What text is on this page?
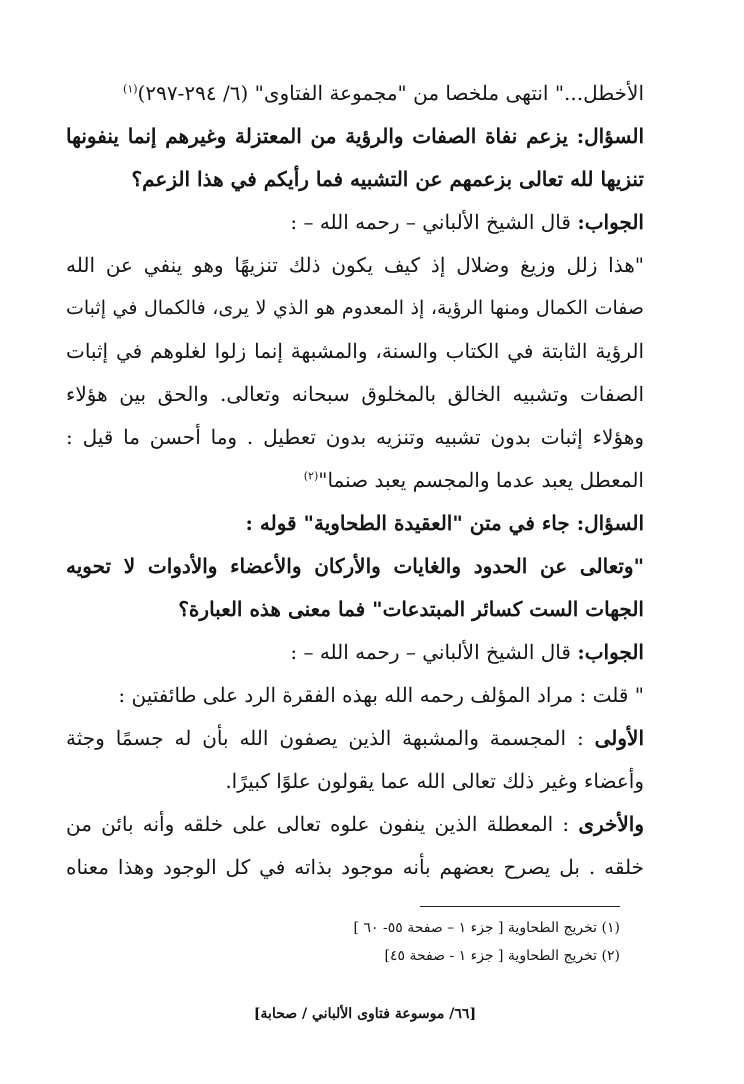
الأخطل..." انتهى ملخصا من "مجموعة الفتاوى" (٦/ ٢٩٤-٢٩٧)$^{(١)}$
السؤال: يزعم نفاة الصفات والرؤية من المعتزلة وغيرهم إنما ينفونها
تنزيها لله تعالى بزعمهم عن التشبيه فما رأيكم في هذا الزعم؟
الجواب: قال الشيخ الألباني – رحمه الله – :
"هذا زلل وزيغ وضلال إذ كيف يكون ذلك تنزيهًا وهو ينفي عن الله
صفات الكمال ومنها الرؤية، إذ المعدوم هو الذي لا يرى، فالكمال في إثبات
الرؤية الثابتة في الكتاب والسنة، والمشبهة إنما زلوا لغلوهم في إثبات
الصفات وتشبيه الخالق بالمخلوق سبحانه وتعالى. والحق بين هؤلاء
وهؤلاء إثبات بدون تشبيه وتنزيه بدون تعطيل . وما أحسن ما قيل :
المعطل يعبد عدما والمجسم يعبد صنما"$^{(٢)}$
السؤال: جاء في متن "العقيدة الطحاوية" قوله :
"وتعالى عن الحدود والغايات والأركان والأعضاء والأدوات لا تحويه
الجهات الست كسائر المبتدعات" فما معنى هذه العبارة؟
الجواب: قال الشيخ الألباني – رحمه الله – :
" قلت : مراد المؤلف رحمه الله بهذه الفقرة الرد على طائفتين :
الأولى : المجسمة والمشبهة الذين يصفون الله بأن له جسمًا وجثة
وأعضاء وغير ذلك تعالى الله عما يقولون علوًا كبيرًا.
والأخرى : المعطلة الذين ينفون علوه تعالى على خلقه وأنه بائن من
خلقه . بل يصرح بعضهم بأنه موجود بذاته في كل الوجود وهذا معناه
(١) تخريج الطحاوية [ جزء ١ – صفحة ٥٥- ٦٠ ]
(٢) تخريج الطحاوية [ جزء ١ - صفحة ٤٥]
[٦٦/ موسوعة فتاوى الألباني / صحابة]
